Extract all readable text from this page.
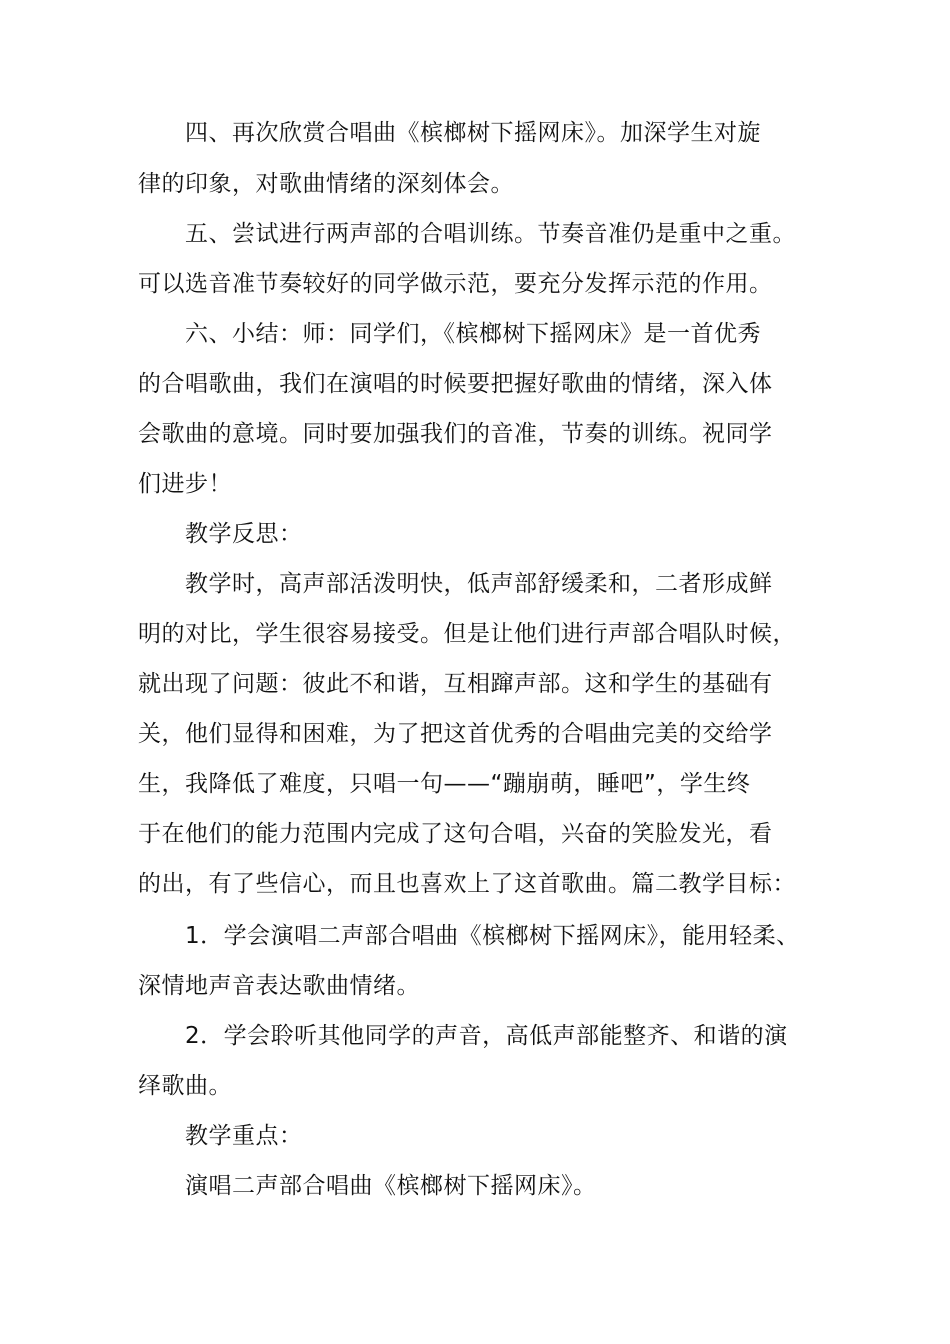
四、再次欣赏合唱曲《槟榔树下摇网床》。加深学生对旋
律的印象，对歌曲情绪的深刻体会。
五、尝试进行两声部的合唱训练。节奏音准仍是重中之重。
可以选音准节奏较好的同学做示范，要充分发挥示范的作用。
六、小结：师：同学们，《槟榔树下摇网床》是一首优秀
的合唱歌曲，我们在演唱的时候要把握好歌曲的情绪，深入体
会歌曲的意境。同时要加强我们的音准，节奏的训练。祝同学
们进步！
教学反思：
教学时，高声部活泼明快，低声部舒缓柔和，二者形成鲜
明的对比，学生很容易接受。但是让他们进行声部合唱队时候，
就出现了问题：彼此不和谐，互相蹿声部。这和学生的基础有
关，他们显得和困难，为了把这首优秀的合唱曲完美的交给学
生，我降低了难度，只唱一句——“蹦崩萌，睡吧”，学生终
于在他们的能力范围内完成了这句合唱，兴奋的笑脸发光，看
的出，有了些信心，而且也喜欢上了这首歌曲。篇二教学目标：
1．学会演唱二声部合唱曲《槟榔树下摇网床》，能用轻柔、
深情地声音表达歌曲情绪。
2．学会聆听其他同学的声音，高低声部能整齐、和谐的演
绎歌曲。
教学重点：
演唱二声部合唱曲《槟榔树下摇网床》。
